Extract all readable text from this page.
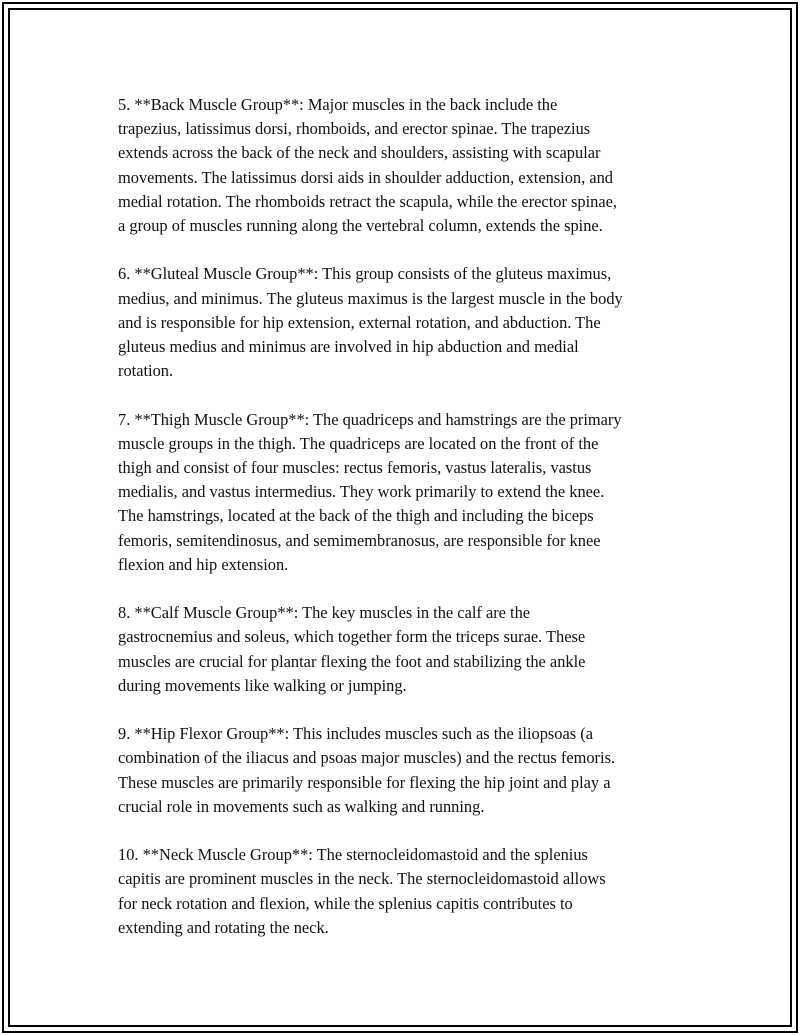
5. **Back Muscle Group**: Major muscles in the back include the
trapezius, latissimus dorsi, rhomboids, and erector spinae. The trapezius
extends across the back of the neck and shoulders, assisting with scapular
movements. The latissimus dorsi aids in shoulder adduction, extension, and
medial rotation. The rhomboids retract the scapula, while the erector spinae,
a group of muscles running along the vertebral column, extends the spine.

6. **Gluteal Muscle Group**: This group consists of the gluteus maximus,
medius, and minimus. The gluteus maximus is the largest muscle in the body
and is responsible for hip extension, external rotation, and abduction. The
gluteus medius and minimus are involved in hip abduction and medial
rotation.

7. **Thigh Muscle Group**: The quadriceps and hamstrings are the primary
muscle groups in the thigh. The quadriceps are located on the front of the
thigh and consist of four muscles: rectus femoris, vastus lateralis, vastus
medialis, and vastus intermedius. They work primarily to extend the knee.
The hamstrings, located at the back of the thigh and including the biceps
femoris, semitendinosus, and semimembranosus, are responsible for knee
flexion and hip extension.

8. **Calf Muscle Group**: The key muscles in the calf are the
gastrocnemius and soleus, which together form the triceps surae. These
muscles are crucial for plantar flexing the foot and stabilizing the ankle
during movements like walking or jumping.

9. **Hip Flexor Group**: This includes muscles such as the iliopsoas (a
combination of the iliacus and psoas major muscles) and the rectus femoris.
These muscles are primarily responsible for flexing the hip joint and play a
crucial role in movements such as walking and running.

10. **Neck Muscle Group**: The sternocleidomastoid and the splenius
capitis are prominent muscles in the neck. The sternocleidomastoid allows
for neck rotation and flexion, while the splenius capitis contributes to
extending and rotating the neck.
